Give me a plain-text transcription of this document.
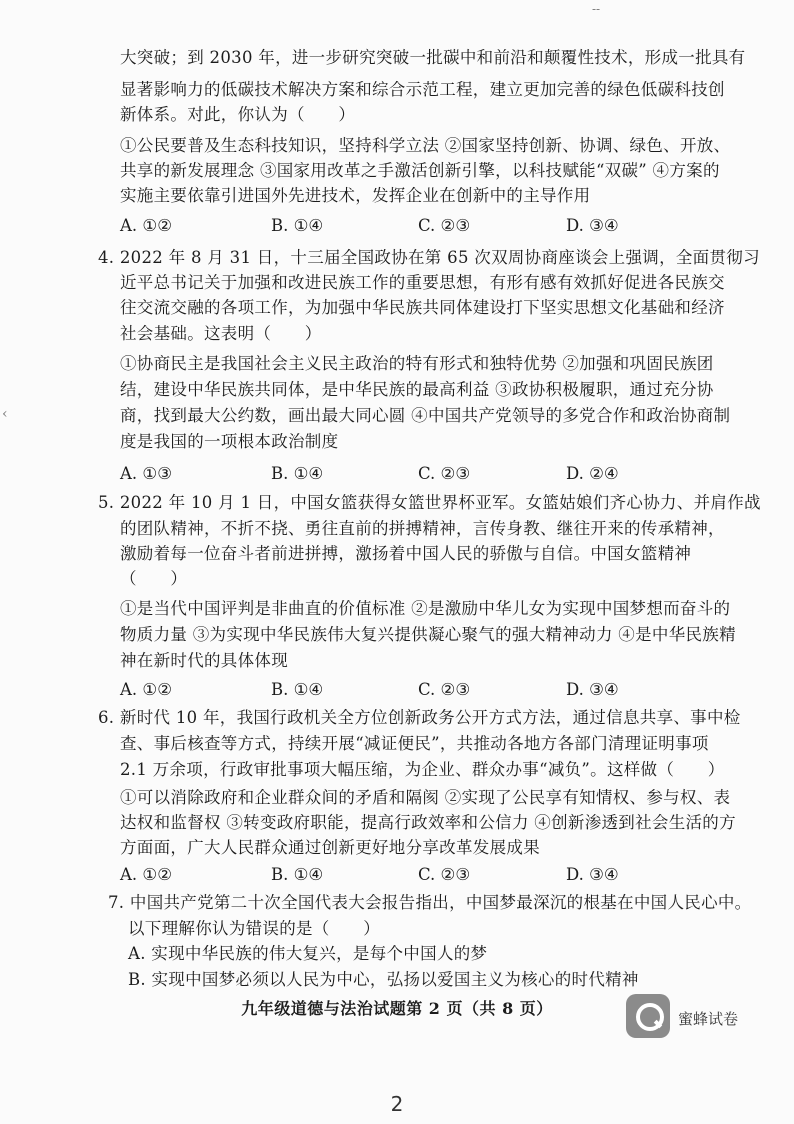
--
‹
大突破；到 2030 年，进一步研究突破一批碳中和前沿和颠覆性技术，形成一批具有
显著影响力的低碳技术解决方案和综合示范工程，建立更加完善的绿色低碳科技创
新体系。对此，你认为（　　）
①公民要普及生态科技知识，坚持科学立法 ②国家坚持创新、协调、绿色、开放、
共享的新发展理念 ③国家用改革之手激活创新引擎，以科技赋能“双碳” ④方案的
实施主要依靠引进国外先进技术，发挥企业在创新中的主导作用
A. ①②	B. ①④	C. ②③	D. ③④
4. 2022 年 8 月 31 日，十三届全国政协在第 65 次双周协商座谈会上强调，全面贯彻习
近平总书记关于加强和改进民族工作的重要思想，有形有感有效抓好促进各民族交
往交流交融的各项工作，为加强中华民族共同体建设打下坚实思想文化基础和经济
社会基础。这表明（　　）
①协商民主是我国社会主义民主政治的特有形式和独特优势 ②加强和巩固民族团
结，建设中华民族共同体，是中华民族的最高利益 ③政协积极履职，通过充分协
商，找到最大公约数，画出最大同心圆 ④中国共产党领导的多党合作和政治协商制
度是我国的一项根本政治制度
A. ①③	B. ①④	C. ②③	D. ②④
5. 2022 年 10 月 1 日，中国女篮获得女篮世界杯亚军。女篮姑娘们齐心协力、并肩作战
的团队精神，不折不挠、勇往直前的拼搏精神，言传身教、继往开来的传承精神，
激励着每一位奋斗者前进拼搏，激扬着中国人民的骄傲与自信。中国女篮精神
（　　）
①是当代中国评判是非曲直的价值标准 ②是激励中华儿女为实现中国梦想而奋斗的
物质力量 ③为实现中华民族伟大复兴提供凝心聚气的强大精神动力 ④是中华民族精
神在新时代的具体体现
A. ①②	B. ①④	C. ②③	D. ③④
6. 新时代 10 年，我国行政机关全方位创新政务公开方式方法，通过信息共享、事中检
查、事后核查等方式，持续开展“减证便民”，共推动各地方各部门清理证明事项
2.1 万余项，行政审批事项大幅压缩，为企业、群众办事“减负”。这样做（　　）
①可以消除政府和企业群众间的矛盾和隔阂 ②实现了公民享有知情权、参与权、表
达权和监督权 ③转变政府职能，提高行政效率和公信力 ④创新渗透到社会生活的方
方面面，广大人民群众通过创新更好地分享改革发展成果
A. ①②	B. ①④	C. ②③	D. ③④
7. 中国共产党第二十次全国代表大会报告指出，中国梦最深沉的根基在中国人民心中。
以下理解你认为错误的是（　　）
A. 实现中华民族的伟大复兴，是每个中国人的梦
B. 实现中国梦必须以人民为中心，弘扬以爱国主义为核心的时代精神
九年级道德与法治试题第 2 页（共 8 页）
蜜蜂试卷
2
